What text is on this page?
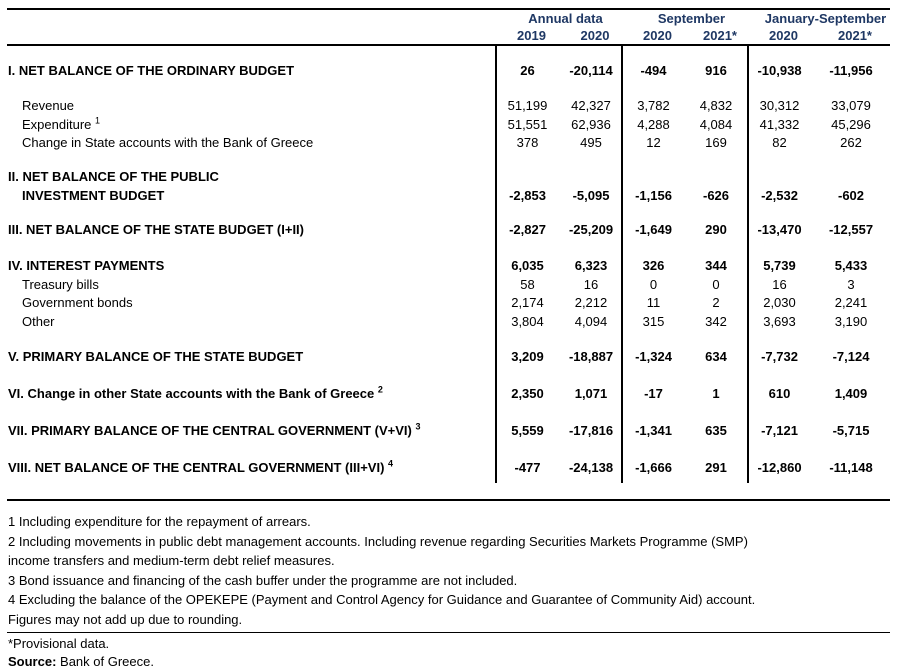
Annual data	September	January-September
2019	2020	2020	2021*	2020	2021*
I. NET BALANCE OF THE ORDINARY BUDGET	26	-20,114	-494	916	-10,938	-11,956
Revenue	51,199	42,327	3,782	4,832	30,312	33,079
Expenditure $^1$	51,551	62,936	4,288	4,084	41,332	45,296
Change in State accounts with the Bank of Greece	378	495	12	169	82	262
II. NET BALANCE OF THE PUBLIC
INVESTMENT BUDGET	-2,853	-5,095	-1,156	-626	-2,532	-602
III. NET BALANCE OF THE STATE BUDGET (I+II)	-2,827	-25,209	-1,649	290	-13,470	-12,557
IV. INTEREST PAYMENTS	6,035	6,323	326	344	5,739	5,433
Treasury bills	58	16	0	0	16	3
Government bonds	2,174	2,212	11	2	2,030	2,241
Other	3,804	4,094	315	342	3,693	3,190
V. PRIMARY BALANCE OF THE STATE BUDGET	3,209	-18,887	-1,324	634	-7,732	-7,124
VI. Change in other State accounts with the Bank of Greece $^2$	2,350	1,071	-17	1	610	1,409
VII. PRIMARY BALANCE OF THE CENTRAL GOVERNMENT (V+VI) $^3$	5,559	-17,816	-1,341	635	-7,121	-5,715
VIII. NET BALANCE OF THE CENTRAL GOVERNMENT (III+VI) $^4$	-477	-24,138	-1,666	291	-12,860	-11,148
1 Including expenditure for the repayment of arrears.
2 Including movements in public debt management accounts. Including revenue regarding Securities Markets Programme (SMP)
income transfers and medium-term debt relief measures.
3 Bond issuance and financing of the cash buffer under the programme are not included.
4 Excluding the balance of the OPEKEPE (Payment and Control Agency for Guidance and Guarantee of Community Aid) account.
Figures may not add up due to rounding.
*Provisional data.
Source: Bank of Greece.
